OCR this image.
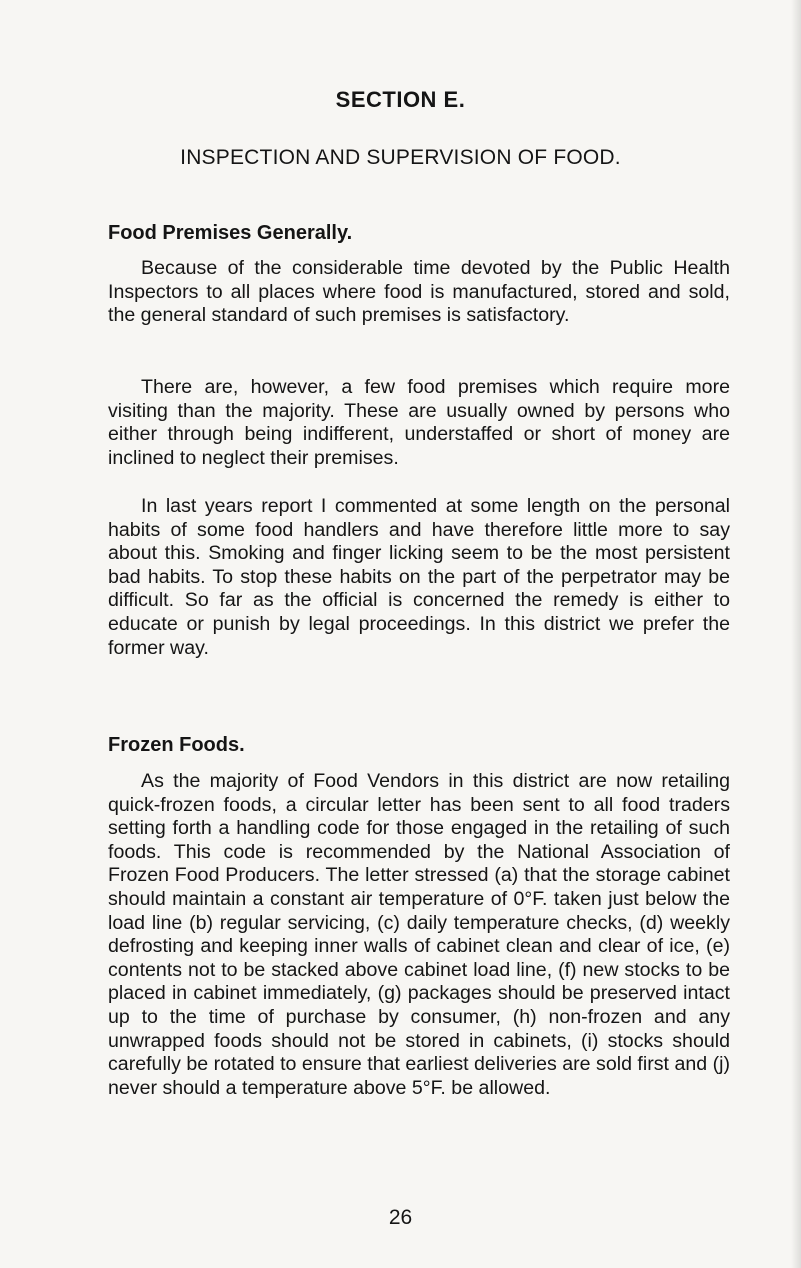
SECTION E.
INSPECTION AND SUPERVISION OF FOOD.
Food Premises Generally.

Because of the considerable time devoted by the Public Health Inspectors to all places where food is manufactured, stored and sold, the general standard of such premises is satisfactory.

There are, however, a few food premises which require more visiting than the majority. These are usually owned by persons who either through being indifferent, understaffed or short of money are inclined to neglect their premises.

In last years report I commented at some length on the personal habits of some food handlers and have therefore little more to say about this. Smoking and finger licking seem to be the most persistent bad habits. To stop these habits on the part of the perpetrator may be difficult. So far as the official is concerned the remedy is either to educate or punish by legal proceedings. In this district we prefer the former way.

Frozen Foods.

As the majority of Food Vendors in this district are now retailing quick-frozen foods, a circular letter has been sent to all food traders setting forth a handling code for those engaged in the retailing of such foods. This code is recommended by the National Association of Frozen Food Producers. The letter stressed (a) that the storage cabinet should maintain a constant air temperature of 0°F. taken just below the load line (b) regular servicing, (c) daily temperature checks, (d) weekly defrosting and keeping inner walls of cabinet clean and clear of ice, (e) contents not to be stacked above cabinet load line, (f) new stocks to be placed in cabinet immediately, (g) packages should be preserved intact up to the time of purchase by consumer, (h) non-frozen and any unwrapped foods should not be stored in cabinets, (i) stocks should carefully be rotated to ensure that earliest deliveries are sold first and (j) never should a temperature above 5°F. be allowed.

26
